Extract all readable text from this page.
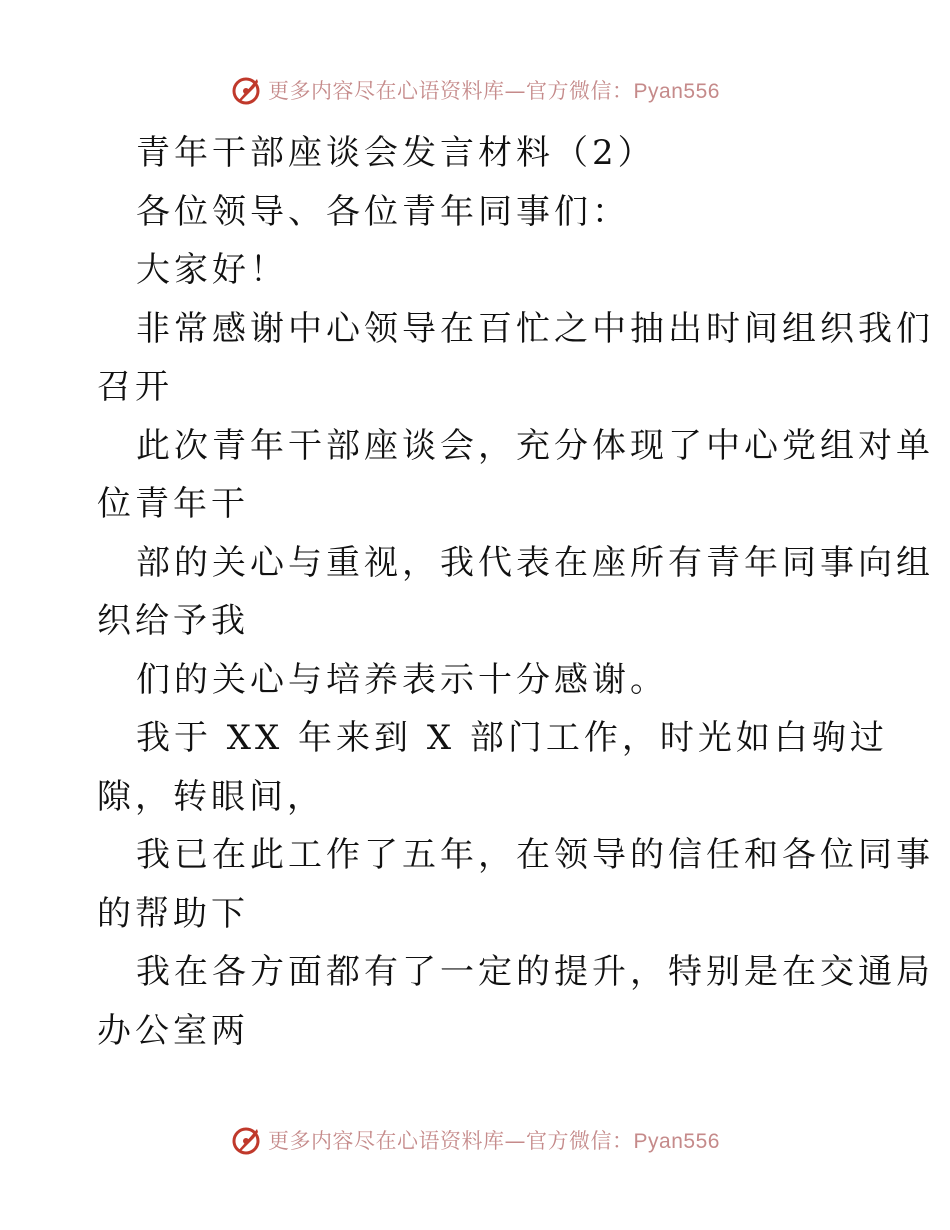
更多内容尽在心语资料库—官方微信：Pyan556
青年干部座谈会发言材料（2）
各位领导、各位青年同事们：
大家好！
非常感谢中心领导在百忙之中抽出时间组织我们
召开
此次青年干部座谈会，充分体现了中心党组对单
位青年干
部的关心与重视，我代表在座所有青年同事向组
织给予我
们的关心与培养表示十分感谢。
我于 XX 年来到 X 部门工作，时光如白驹过
隙，转眼间，
我已在此工作了五年，在领导的信任和各位同事
的帮助下
我在各方面都有了一定的提升，特别是在交通局
办公室两
更多内容尽在心语资料库—官方微信：Pyan556
